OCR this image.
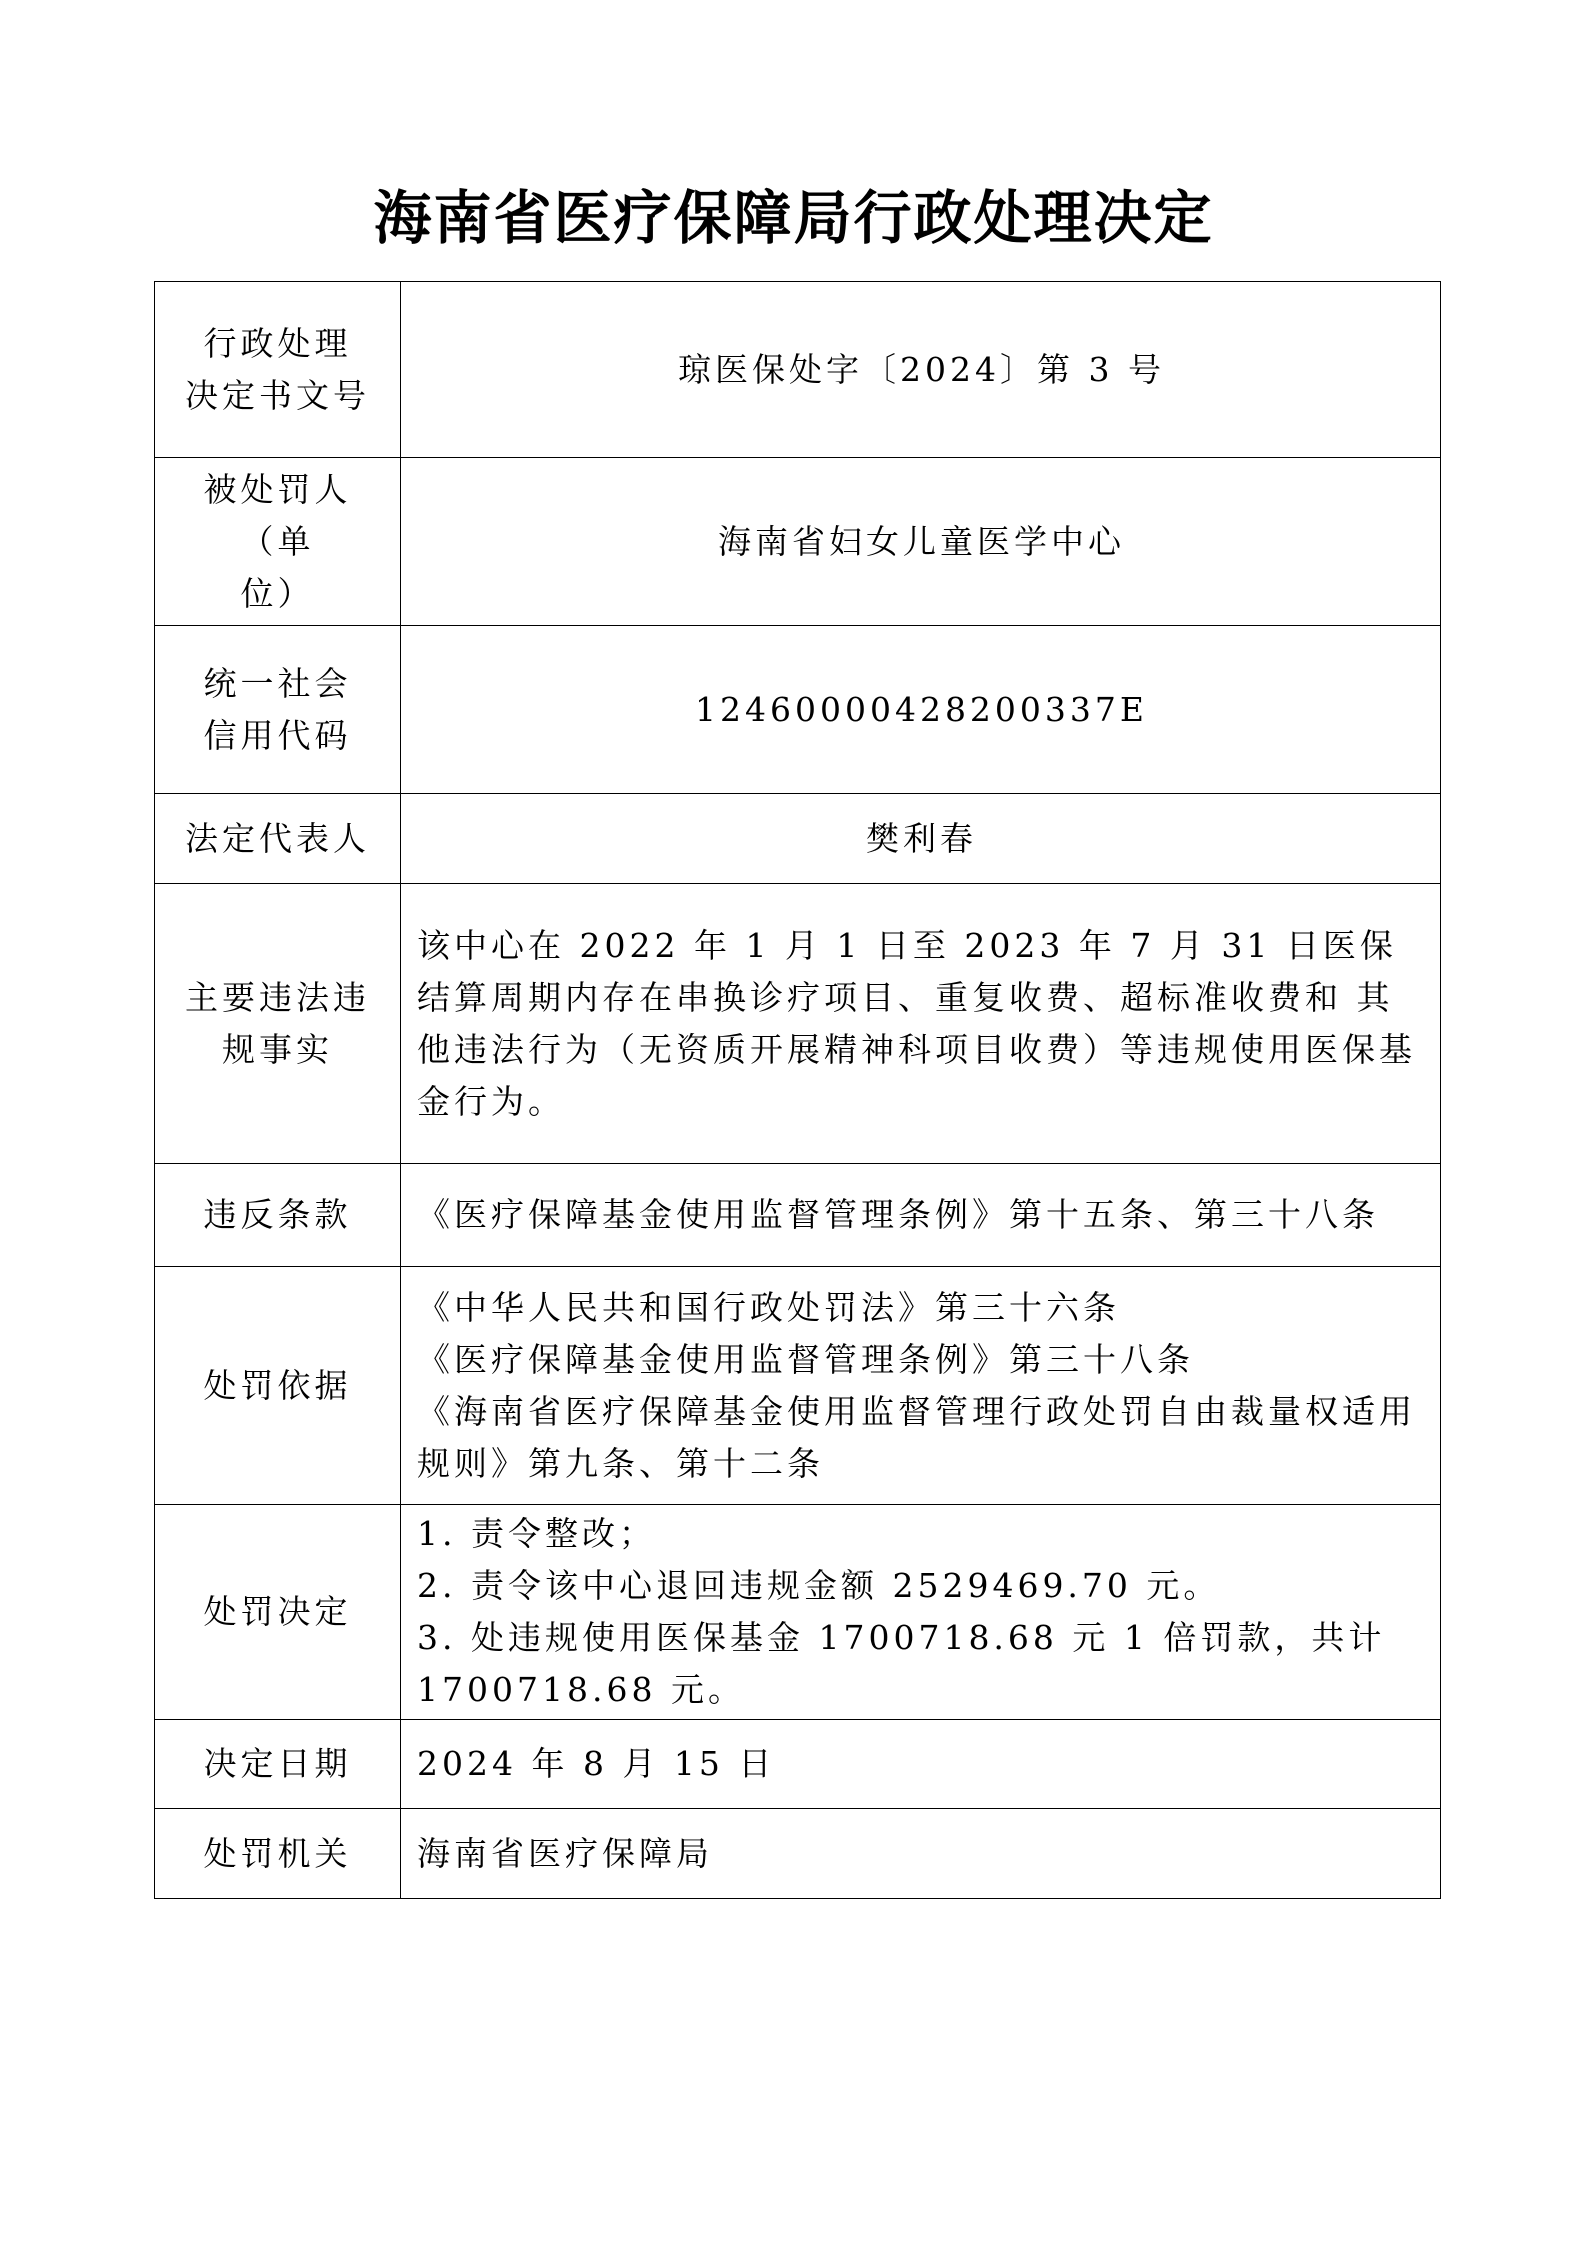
海南省医疗保障局行政处理决定
行政处理
决定书文号	琼医保处字〔2024〕第 3 号

被处罚人（单
位）	海南省妇女儿童医学中心

统一社会
信用代码	12460000428200337E
法定代表人	樊利春

主要违法违
规事实	该中心在 2022 年 1 月 1 日至 2023 年 7 月 31 日医保结算周期内存在串换诊疗项目、重复收费、超标准收费和 其他违法行为（无资质开展精神科项目收费）等违规使用医保基金行为。
违反条款	《医疗保障基金使用监督管理条例》第十五条、第三十八条
处罚依据	《中华人民共和国行政处罚法》第三十六条
《医疗保障基金使用监督管理条例》第三十八条
《海南省医疗保障基金使用监督管理行政处罚自由裁量权适用规则》第九条、第十二条

处罚决定	1. 责令整改；
2. 责令该中心退回违规金额 2529469.70 元。
3. 处违规使用医保基金 1700718.68 元 1 倍罚款，共计 1700718.68 元。

决定日期	2024 年 8 月 15 日
处罚机关	海南省医疗保障局
